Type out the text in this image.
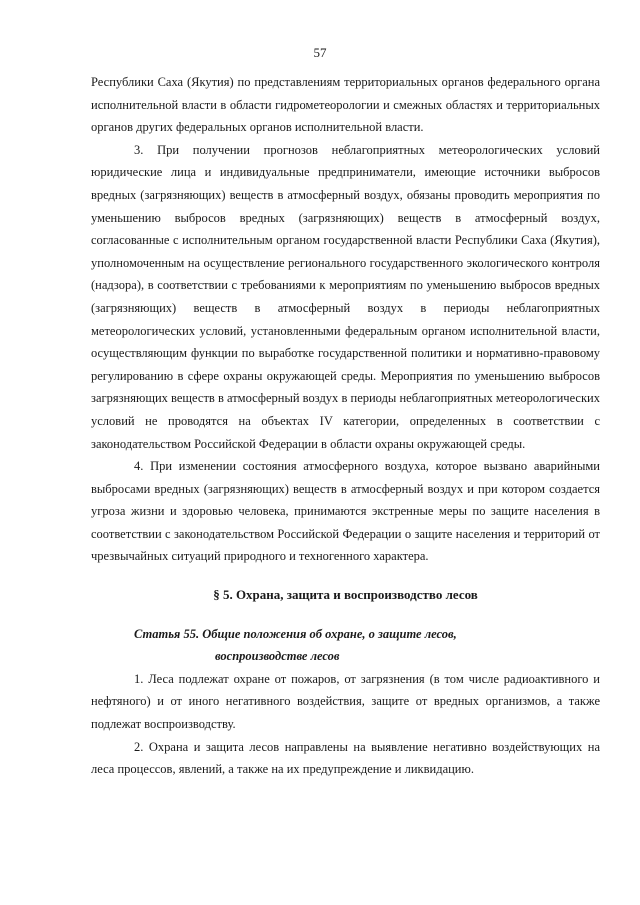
57

Республики Саха (Якутия) по представлениям территориальных органов федерального органа исполнительной власти в области гидрометеорологии и смежных областях и территориальных органов других федеральных органов исполнительной власти.

3. При получении прогнозов неблагоприятных метеорологических условий юридические лица и индивидуальные предприниматели, имеющие источники выбросов вредных (загрязняющих) веществ в атмосферный воздух, обязаны проводить мероприятия по уменьшению выбросов вредных (загрязняющих) веществ в атмосферный воздух, согласованные с исполнительным органом государственной власти Республики Саха (Якутия), уполномоченным на осуществление регионального государственного экологического контроля (надзора), в соответствии с требованиями к мероприятиям по уменьшению выбросов вредных (загрязняющих) веществ в атмосферный воздух в периоды неблагоприятных метеорологических условий, установленными федеральным органом исполнительной власти, осуществляющим функции по выработке государственной политики и нормативно-правовому регулированию в сфере охраны окружающей среды. Мероприятия по уменьшению выбросов загрязняющих веществ в атмосферный воздух в периоды неблагоприятных метеорологических условий не проводятся на объектах IV категории, определенных в соответствии с законодательством Российской Федерации в области охраны окружающей среды.

4. При изменении состояния атмосферного воздуха, которое вызвано аварийными выбросами вредных (загрязняющих) веществ в атмосферный воздух и при котором создается угроза жизни и здоровью человека, принимаются экстренные меры по защите населения в соответствии с законодательством Российской Федерации о защите населения и территорий от чрезвычайных ситуаций природного и техногенного характера.

§ 5. Охрана, защита и воспроизводство лесов

Статья 55. Общие положения об охране, о защите лесов,
воспроизводстве лесов

1. Леса подлежат охране от пожаров, от загрязнения (в том числе радиоактивного и нефтяного) и от иного негативного воздействия, защите от вредных организмов, а также подлежат воспроизводству.

2. Охрана и защита лесов направлены на выявление негативно воздействующих на леса процессов, явлений, а также на их предупреждение и ликвидацию.
